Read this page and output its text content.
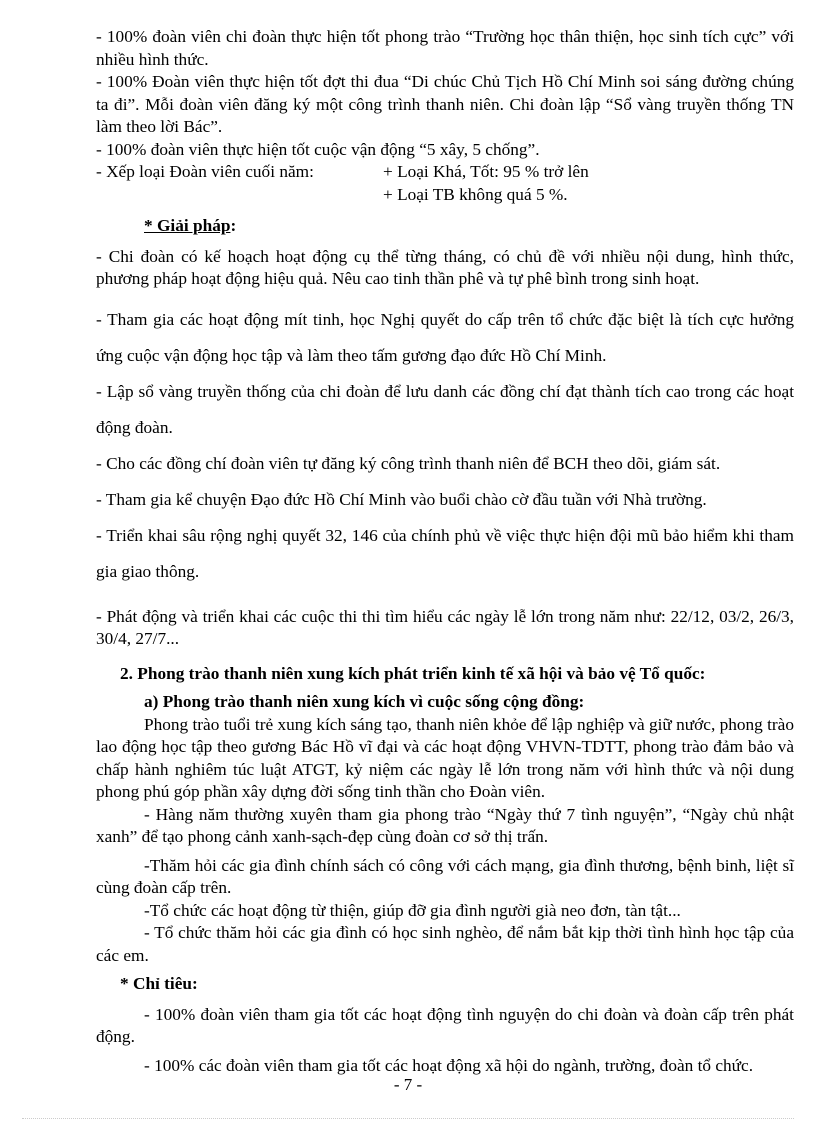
- 100% đoàn viên chi đoàn thực hiện tốt phong trào “Trường học thân thiện, học sinh tích cực” với nhiều hình thức.

- 100% Đoàn viên thực hiện tốt đợt thi đua “Di chúc Chủ Tịch Hồ Chí Minh soi sáng đường chúng ta đi”. Mỗi đoàn viên đăng ký một công trình thanh niên. Chi đoàn lập “Sổ vàng truyền thống TN làm theo lời Bác”.

- 100% đoàn viên thực hiện tốt cuộc vận động “5 xây, 5 chống”.

- Xếp loại Đoàn viên cuối năm:	+ Loại Khá, Tốt: 95 % trở lên
+ Loại TB không quá 5 %.
* Giải pháp:

- Chi đoàn có kế hoạch hoạt động cụ thể từng tháng, có chủ đề với nhiều nội dung, hình thức, phương pháp hoạt động hiệu quả. Nêu cao tinh thần phê và tự phê bình trong sinh hoạt.

- Tham gia các hoạt động mít tinh, học Nghị quyết do cấp trên tổ chức đặc biệt là tích cực hưởng ứng cuộc vận động học tập và làm theo tấm gương đạo đức Hồ Chí Minh.

- Lập sổ vàng truyền thống của chi đoàn để lưu danh các đồng chí đạt thành tích cao trong các hoạt động đoàn.

- Cho các đồng chí đoàn viên tự đăng ký công trình thanh niên để BCH theo dõi, giám sát.

- Tham gia kể chuyện Đạo đức Hồ Chí Minh vào buổi chào cờ đầu tuần với Nhà trường.

- Triển khai sâu rộng nghị quyết 32, 146 của chính phủ về việc thực hiện đội mũ bảo hiểm khi tham gia giao thông.

- Phát động và triển khai các cuộc thi thi tìm hiểu các ngày lễ lớn trong năm như: 22/12, 03/2, 26/3, 30/4, 27/7...

2. Phong trào thanh niên xung kích phát triển kinh tế xã hội và bảo vệ Tổ quốc:
a) Phong trào thanh niên xung kích vì cuộc sống cộng đồng:

Phong trào tuổi trẻ xung kích sáng tạo, thanh niên khỏe để lập nghiệp và giữ nước, phong trào lao động học tập theo gương Bác Hồ vĩ đại và các hoạt động VHVN-TDTT, phong trào đảm bảo và chấp hành nghiêm túc luật ATGT, kỷ niệm các ngày lễ lớn trong năm với hình thức và nội dung phong phú góp phần xây dựng đời sống tinh thần cho Đoàn viên.

- Hàng năm thường xuyên tham gia phong trào “Ngày thứ 7 tình nguyện”, “Ngày chủ nhật xanh” để tạo phong cảnh xanh-sạch-đẹp cùng đoàn cơ sở thị trấn.

-Thăm hỏi các gia đình chính sách có công với cách mạng, gia đình thương, bệnh binh, liệt sĩ cùng đoàn cấp trên.

-Tổ chức các hoạt động từ thiện, giúp đỡ gia đình người già neo đơn, tàn tật...

- Tổ chức thăm hỏi các gia đình có học sinh nghèo, để nắm bắt kịp thời tình hình học tập của các em.

* Chỉ tiêu:

- 100% đoàn viên tham gia tốt các hoạt động tình nguyện do chi đoàn và đoàn cấp trên phát động.

- 100% các đoàn viên tham gia tốt các hoạt động xã hội do ngành, trường, đoàn tổ chức.

- 7 -
